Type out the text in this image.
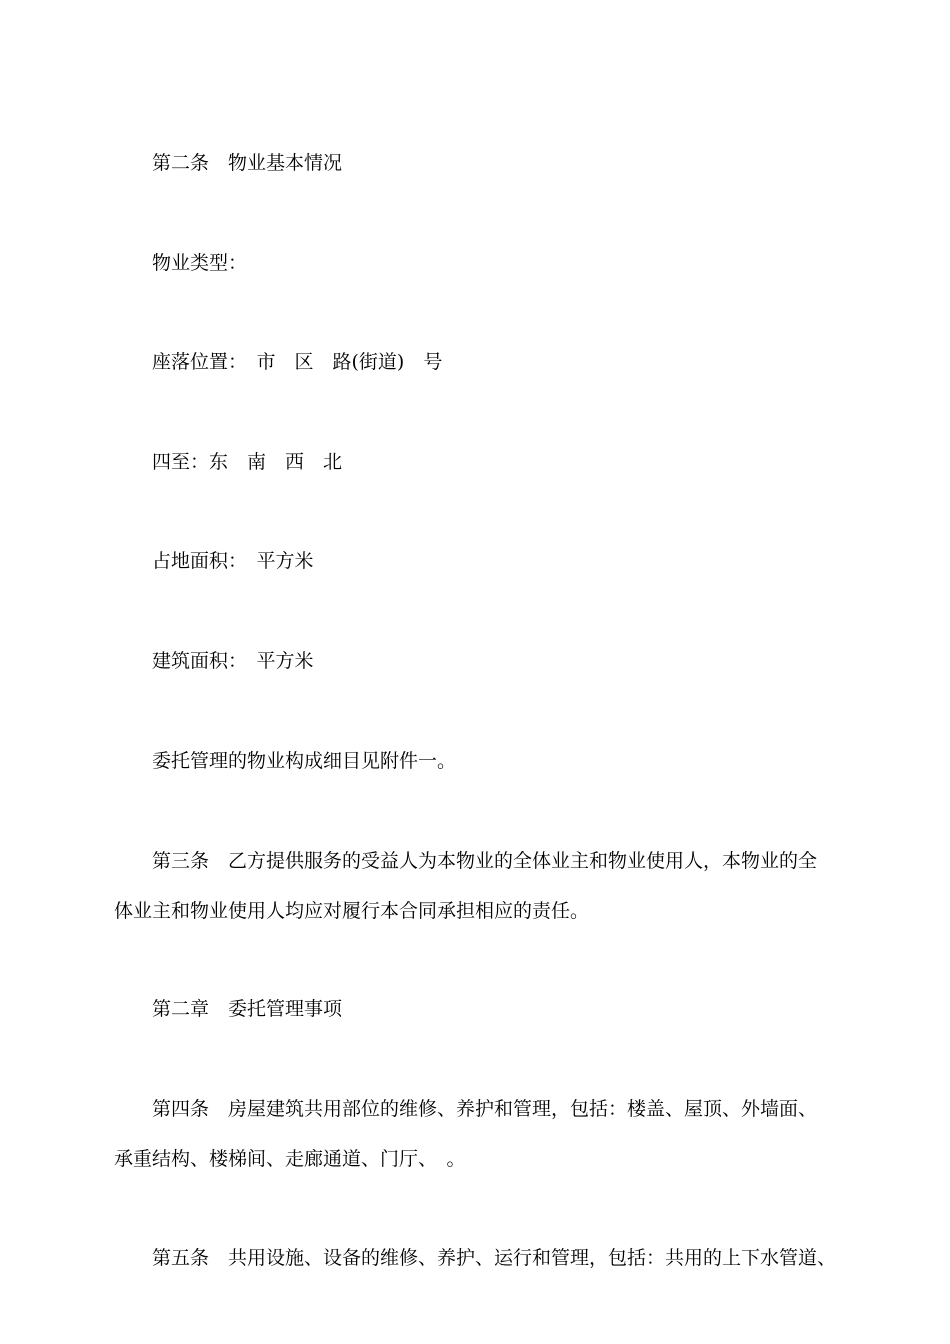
第二条　物业基本情况
物业类型：
座落位置：　市　区　路(街道)　号
四至：东　南　西　北
占地面积：　平方米
建筑面积：　平方米
委托管理的物业构成细目见附件一。
第三条　乙方提供服务的受益人为本物业的全体业主和物业使用人，本物业的全
体业主和物业使用人均应对履行本合同承担相应的责任。
第二章　委托管理事项
第四条　房屋建筑共用部位的维修、养护和管理，包括：楼盖、屋顶、外墙面、
承重结构、楼梯间、走廊通道、门厅、　。
第五条　共用设施、设备的维修、养护、运行和管理，包括：共用的上下水管道、
